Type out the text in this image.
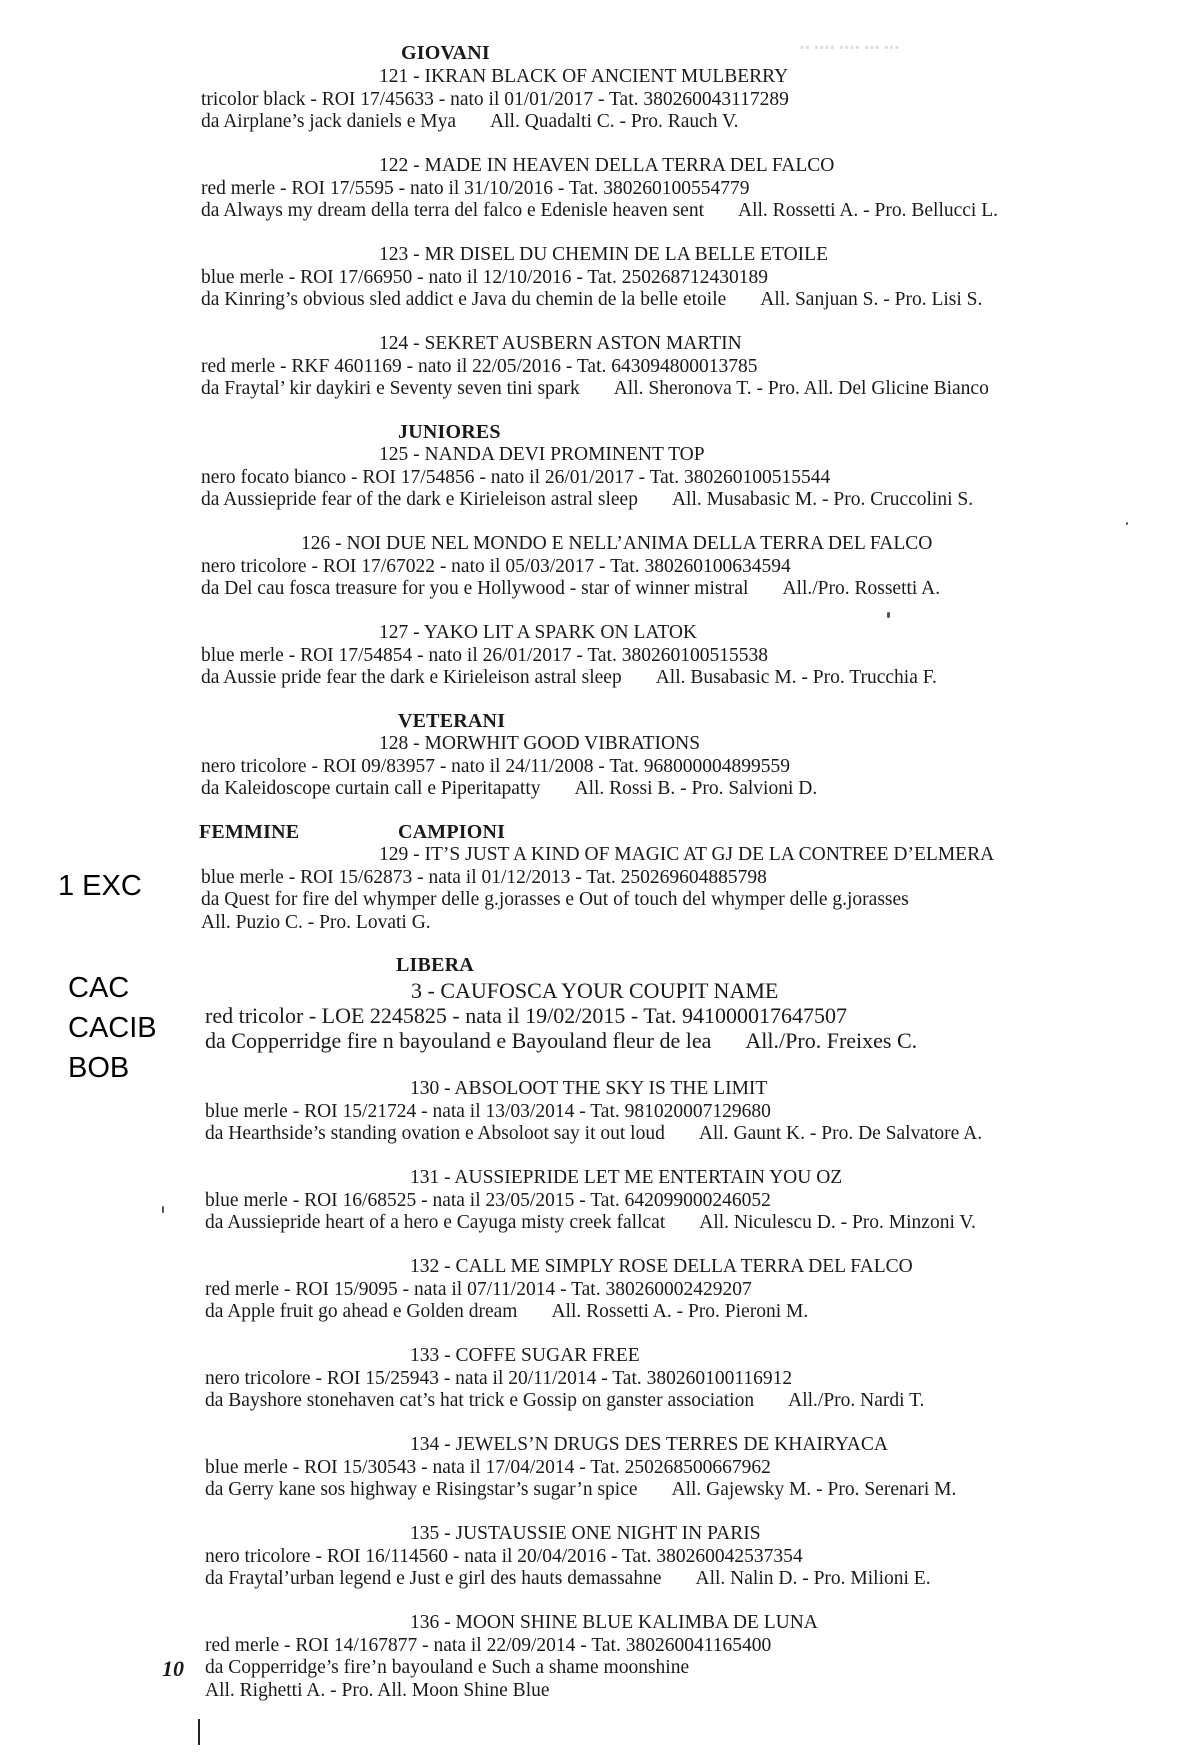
▪▪ ▪▪▪▪ ▪▪▪▪ ▪▪▪ ▪▪▪
GIOVANI
121 - IKRAN BLACK OF ANCIENT MULBERRY
tricolor black - ROI 17/45633 - nato il 01/01/2017 - Tat. 380260043117289
da Airplane’s jack daniels e Mya All. Quadalti C. - Pro. Rauch V.
122 - MADE IN HEAVEN DELLA TERRA DEL FALCO
red merle - ROI 17/5595 - nato il 31/10/2016 - Tat. 380260100554779
da Always my dream della terra del falco e Edenisle heaven sent All. Rossetti A. - Pro. Bellucci L.
123 - MR DISEL DU CHEMIN DE LA BELLE ETOILE
blue merle - ROI 17/66950 - nato il 12/10/2016 - Tat. 250268712430189
da Kinring’s obvious sled addict e Java du chemin de la belle etoile All. Sanjuan S. - Pro. Lisi S.
124 - SEKRET AUSBERN ASTON MARTIN
red merle - RKF 4601169 - nato il 22/05/2016 - Tat. 643094800013785
da Fraytal’ kir daykiri e Seventy seven tini spark All. Sheronova T. - Pro. All. Del Glicine Bianco
JUNIORES
125 - NANDA DEVI PROMINENT TOP
nero focato bianco - ROI 17/54856 - nato il 26/01/2017 - Tat. 380260100515544
da Aussiepride fear of the dark e Kirieleison astral sleep All. Musabasic M. - Pro. Cruccolini S.
126 - NOI DUE NEL MONDO E NELL’ANIMA DELLA TERRA DEL FALCO
nero tricolore - ROI 17/67022 - nato il 05/03/2017 - Tat. 380260100634594
da Del cau fosca treasure for you e Hollywood - star of winner mistral All./Pro. Rossetti A.
127 - YAKO LIT A SPARK ON LATOK
blue merle - ROI 17/54854 - nato il 26/01/2017 - Tat. 380260100515538
da Aussie pride fear the dark e Kirieleison astral sleep All. Busabasic M. - Pro. Trucchia F.
VETERANI
128 - MORWHIT GOOD VIBRATIONS
nero tricolore - ROI 09/83957 - nato il 24/11/2008 - Tat. 968000004899559
da Kaleidoscope curtain call e Piperitapatty All. Rossi B. - Pro. Salvioni D.
FEMMINE	CAMPIONI
1 EXC
129 - IT’S JUST A KIND OF MAGIC AT GJ DE LA CONTREE D’ELMERA
blue merle - ROI 15/62873 - nata il 01/12/2013 - Tat. 250269604885798
da Quest for fire del whymper delle g.jorasses e Out of touch del whymper delle g.jorasses
All. Puzio C. - Pro. Lovati G.
LIBERA
CAC
CACIB
BOB
3 - CAUFOSCA YOUR COUPIT NAME
red tricolor - LOE 2245825 - nata il 19/02/2015 - Tat. 941000017647507
da Copperridge fire n bayouland e Bayouland fleur de lea All./Pro. Freixes C.
130 - ABSOLOOT THE SKY IS THE LIMIT
blue merle - ROI 15/21724 - nata il 13/03/2014 - Tat. 981020007129680
da Hearthside’s standing ovation e Absoloot say it out loud All. Gaunt K. - Pro. De Salvatore A.
131 - AUSSIEPRIDE LET ME ENTERTAIN YOU OZ
blue merle - ROI 16/68525 - nata il 23/05/2015 - Tat. 642099000246052
da Aussiepride heart of a hero e Cayuga misty creek fallcat All. Niculescu D. - Pro. Minzoni V.
132 - CALL ME SIMPLY ROSE DELLA TERRA DEL FALCO
red merle - ROI 15/9095 - nata il 07/11/2014 - Tat. 380260002429207
da Apple fruit go ahead e Golden dream All. Rossetti A. - Pro. Pieroni M.
133 - COFFE SUGAR FREE
nero tricolore - ROI 15/25943 - nata il 20/11/2014 - Tat. 380260100116912
da Bayshore stonehaven cat’s hat trick e Gossip on ganster association All./Pro. Nardi T.
134 - JEWELS’N DRUGS DES TERRES DE KHAIRYACA
blue merle - ROI 15/30543 - nata il 17/04/2014 - Tat. 250268500667962
da Gerry kane sos highway e Risingstar’s sugar’n spice All. Gajewsky M. - Pro. Serenari M.
135 - JUSTAUSSIE ONE NIGHT IN PARIS
nero tricolore - ROI 16/114560 - nata il 20/04/2016 - Tat. 380260042537354
da Fraytal’urban legend e Just e girl des hauts demassahne All. Nalin D. - Pro. Milioni E.
136 - MOON SHINE BLUE KALIMBA DE LUNA
red merle - ROI 14/167877 - nata il 22/09/2014 - Tat. 380260041165400
da Copperridge’s fire’n bayouland e Such a shame moonshine
All. Righetti A. - Pro. All. Moon Shine Blue
10
